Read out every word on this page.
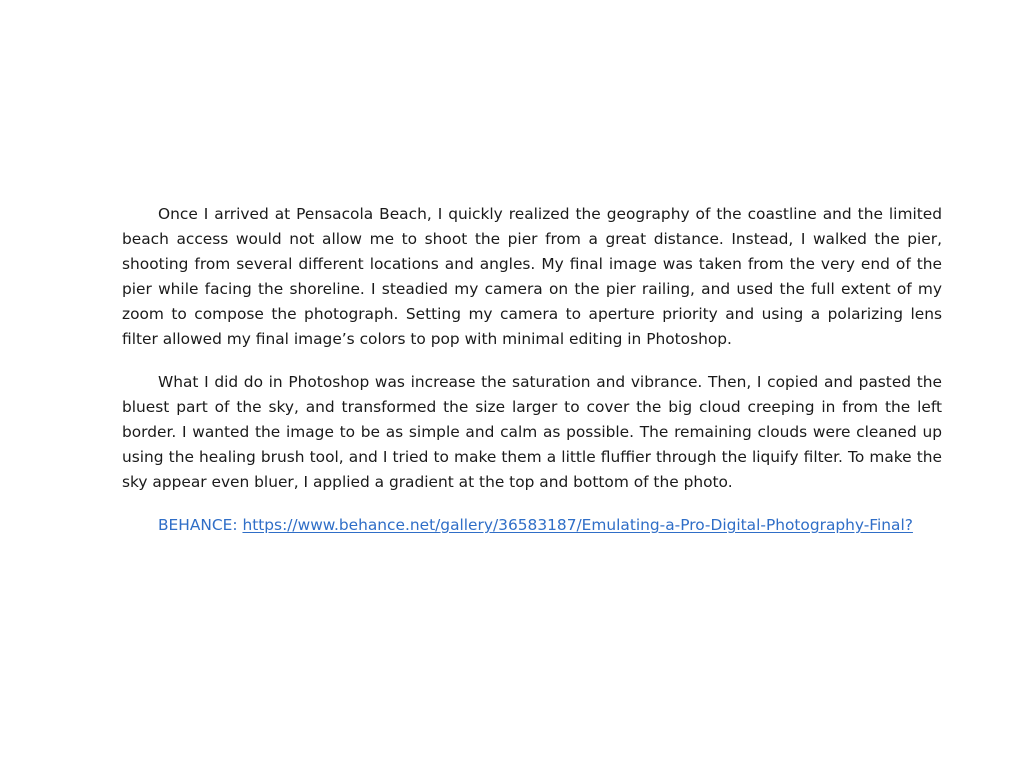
Once I arrived at Pensacola Beach, I quickly realized the geography of the coastline and the limited beach access would not allow me to shoot the pier from a great distance. Instead, I walked the pier, shooting from several different locations and angles. My final image was taken from the very end of the pier while facing the shoreline. I steadied my camera on the pier railing, and used the full extent of my zoom to compose the photograph. Setting my camera to aperture priority and using a polarizing lens filter allowed my final image’s colors to pop with minimal editing in Photoshop.

What I did do in Photoshop was increase the saturation and vibrance. Then, I copied and pasted the bluest part of the sky, and transformed the size larger to cover the big cloud creeping in from the left border. I wanted the image to be as simple and calm as possible. The remaining clouds were cleaned up using the healing brush tool, and I tried to make them a little fluffier through the liquify filter. To make the sky appear even bluer, I applied a gradient at the top and bottom of the photo.

BEHANCE: https://www.behance.net/gallery/36583187/Emulating-a-Pro-Digital-Photography-Final?
